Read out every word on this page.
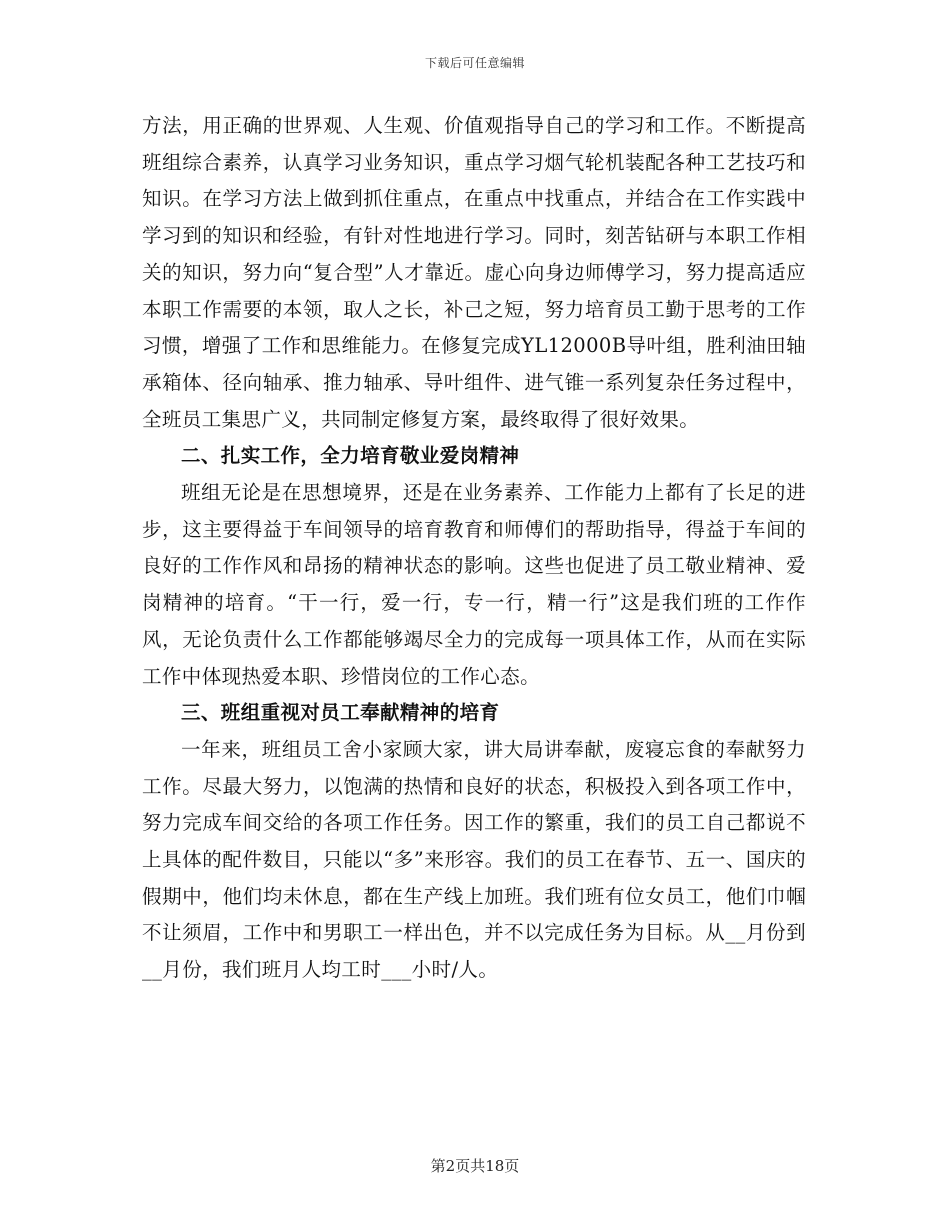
下载后可任意编辑

方法，用正确的世界观、人生观、价值观指导自己的学习和工作。不断提高班组综合素养，认真学习业务知识，重点学习烟气轮机装配各种工艺技巧和知识。在学习方法上做到抓住重点，在重点中找重点，并结合在工作实践中学习到的知识和经验，有针对性地进行学习。同时，刻苦钻研与本职工作相关的知识，努力向“复合型”人才靠近。虚心向身边师傅学习，努力提高适应本职工作需要的本领，取人之长，补己之短，努力培育员工勤于思考的工作习惯，增强了工作和思维能力。在修复完成YL12000B导叶组，胜利油田轴承箱体、径向轴承、推力轴承、导叶组件、进气锥一系列复杂任务过程中，全班员工集思广义，共同制定修复方案，最终取得了很好效果。

二、扎实工作，全力培育敬业爱岗精神

班组无论是在思想境界，还是在业务素养、工作能力上都有了长足的进步，这主要得益于车间领导的培育教育和师傅们的帮助指导，得益于车间的良好的工作作风和昂扬的精神状态的影响。这些也促进了员工敬业精神、爱岗精神的培育。“干一行，爱一行，专一行，精一行”这是我们班的工作作风，无论负责什么工作都能够竭尽全力的完成每一项具体工作，从而在实际工作中体现热爱本职、珍惜岗位的工作心态。

三、班组重视对员工奉献精神的培育

一年来，班组员工舍小家顾大家，讲大局讲奉献，废寝忘食的奉献努力工作。尽最大努力，以饱满的热情和良好的状态，积极投入到各项工作中，努力完成车间交给的各项工作任务。因工作的繁重，我们的员工自己都说不上具体的配件数目，只能以“多”来形容。我们的员工在春节、五一、国庆的假期中，他们均未休息，都在生产线上加班。我们班有位女员工，他们巾帼不让须眉，工作中和男职工一样出色，并不以完成任务为目标。从__月份到__月份，我们班月人均工时___小时/人。

第2页共18页
